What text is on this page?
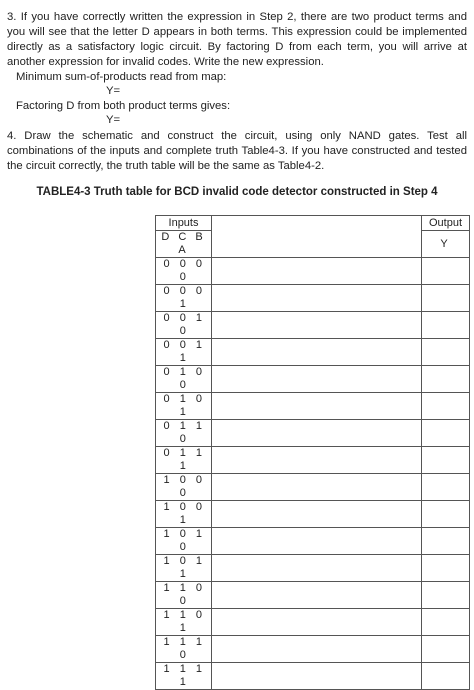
3. If you have correctly written the expression in Step 2, there are two product terms and you will see that the letter D appears in both terms. This expression could be implemented directly as a satisfactory logic circuit. By factoring D from each term, you will arrive at another expression for invalid codes. Write the new expression.

Minimum sum-of-products read from map:

Y=

Factoring D from both product terms gives:

Y=

4. Draw the schematic and construct the circuit, using only NAND gates. Test all combinations of the inputs and complete truth Table4-3. If you have constructed and tested the circuit correctly, the truth table will be the same as Table4-2.

TABLE4-3 Truth table for BCD invalid code detector constructed in Step 4

Inputs		Output
D C B A		Y
0 0 0 0		
0 0 0 1		
0 0 1 0		
0 0 1 1		
0 1 0 0		
0 1 0 1		
0 1 1 0		
0 1 1 1		
1 0 0 0		
1 0 0 1		
1 0 1 0		
1 0 1 1		
1 1 0 0		
1 1 0 1		
1 1 1 0		
1 1 1 1		
